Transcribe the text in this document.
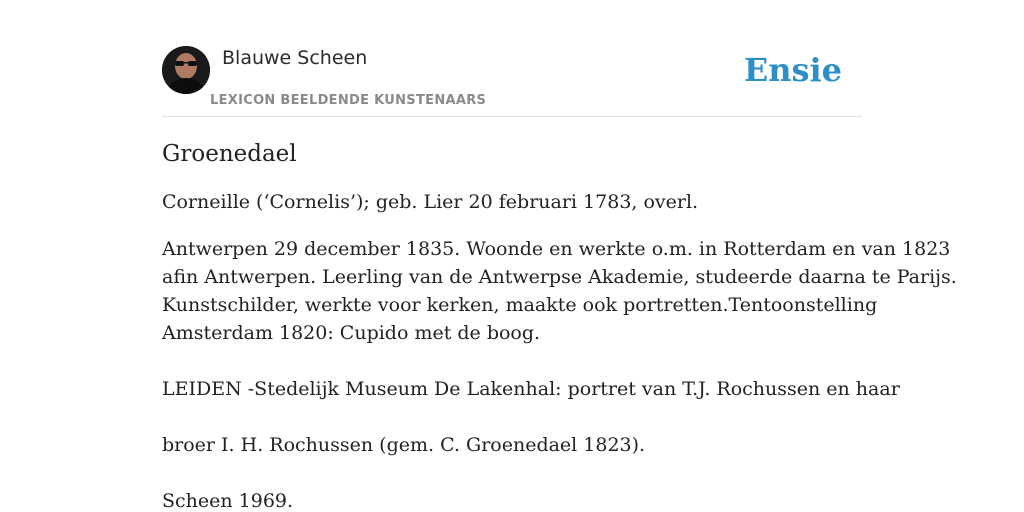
Blauwe Scheen
LEXICON BEELDENDE KUNSTENAARS
Ensie
Groenedael

Corneille (‘Cornelis’); geb. Lier 20 februari 1783, overl.

Antwerpen 29 december 1835. Woonde en werkte o.m. in Rotterdam en van 1823

afin Antwerpen. Leerling van de Antwerpse Akademie, studeerde daarna te Parijs.

Kunstschilder, werkte voor kerken, maakte ook portretten.Tentoonstelling

Amsterdam 1820: Cupido met de boog.

LEIDEN -Stedelijk Museum De Lakenhal: portret van T.J. Rochussen en haar

broer I. H. Rochussen (gem. C. Groenedael 1823).

Scheen 1969.
